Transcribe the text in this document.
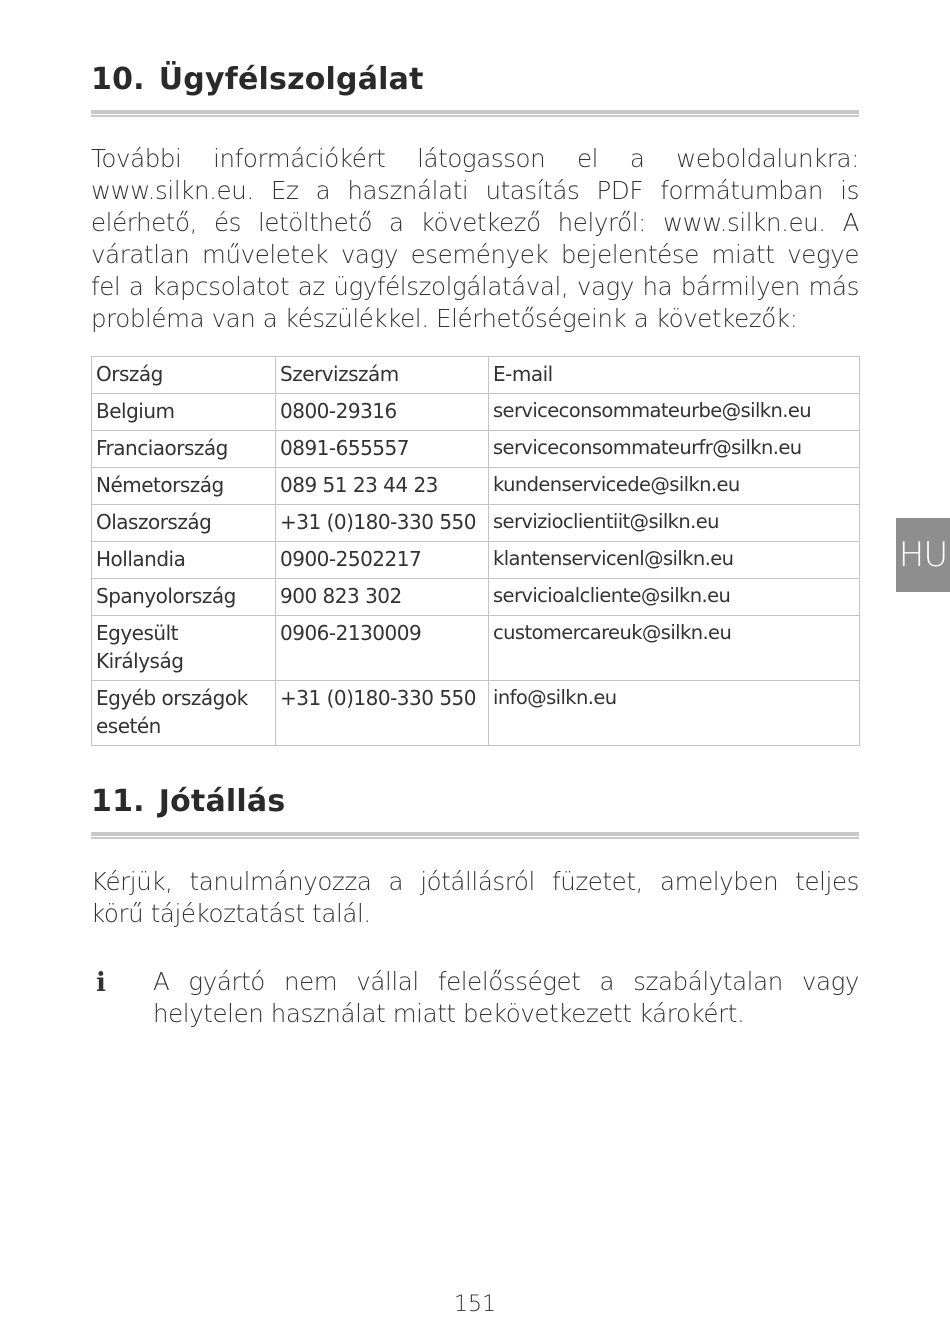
10. Ügyfélszolgálat

További információkért látogasson el a weboldalunkra: www.silkn.eu. Ez a használati utasítás PDF formátumban is elérhető, és letölthető a következő helyről: www.silkn.eu. A váratlan műveletek vagy események bejelentése miatt vegye fel a kapcsolatot az ügyfélszolgálatával, vagy ha bármilyen más probléma van a készülékkel. Elérhetőségeink a következők:

Ország	Szervizszám	E-mail
Belgium	0800-29316	serviceconsommateurbe@silkn.eu
Franciaország	0891-655557	serviceconsommateurfr@silkn.eu
Németország	089 51 23 44 23	kundenservicede@silkn.eu
Olaszország	+31 (0)180-330 550	servizioclientiit@silkn.eu
Hollandia	0900-2502217	klantenservicenl@silkn.eu
Spanyolország	900 823 302	servicioalcliente@silkn.eu
Egyesült Királyság	0906-2130009	customercareuk@silkn.eu
Egyéb országok esetén	+31 (0)180-330 550	info@silkn.eu
HU
11. Jótállás

Kérjük, tanulmányozza a jótállásról füzetet, amelyben teljes körű tájékoztatást talál.

i A gyártó nem vállal felelősséget a szabálytalan vagy helytelen használat miatt bekövetkezett károkért.

151
